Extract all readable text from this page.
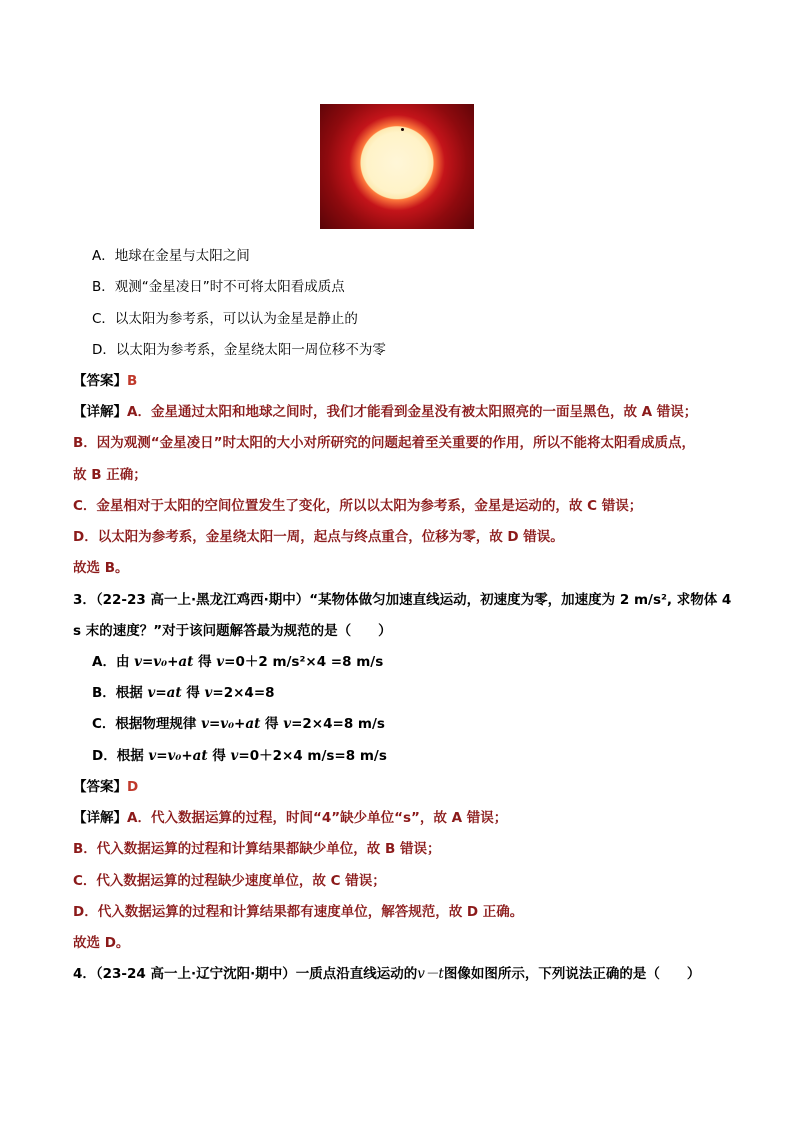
A．地球在金星与太阳之间
B．观测“金星凌日”时不可将太阳看成质点
C．以太阳为参考系，可以认为金星是静止的
D．以太阳为参考系，金星绕太阳一周位移不为零
【答案】B
【详解】A．金星通过太阳和地球之间时，我们才能看到金星没有被太阳照亮的一面呈黑色，故 A 错误；
B．因为观测“金星凌日”时太阳的大小对所研究的问题起着至关重要的作用，所以不能将太阳看成质点，
故 B 正确；
C．金星相对于太阳的空间位置发生了变化，所以以太阳为参考系，金星是运动的，故 C 错误；
D．以太阳为参考系，金星绕太阳一周，起点与终点重合，位移为零，故 D 错误。
故选 B。
3．（22-23 高一上·黑龙江鸡西·期中）“某物体做匀加速直线运动，初速度为零，加速度为 2 m/s², 求物体 4
s 末的速度？”对于该问题解答最为规范的是（　　）
A．由 v=v₀+at 得 v=0＋2 m/s²×4 =8 m/s
B．根据 v=at 得 v=2×4=8
C．根据物理规律 v=v₀+at 得 v=2×4=8 m/s
D．根据 v=v₀+at 得 v=0＋2×4 m/s=8 m/s
【答案】D
【详解】A．代入数据运算的过程，时间“4”缺少单位“s”，故 A 错误；
B．代入数据运算的过程和计算结果都缺少单位，故 B 错误；
C．代入数据运算的过程缺少速度单位，故 C 错误；
D．代入数据运算的过程和计算结果都有速度单位，解答规范，故 D 正确。
故选 D。
4．（23-24 高一上·辽宁沈阳·期中）一质点沿直线运动的v－t图像如图所示，下列说法正确的是（　　）
